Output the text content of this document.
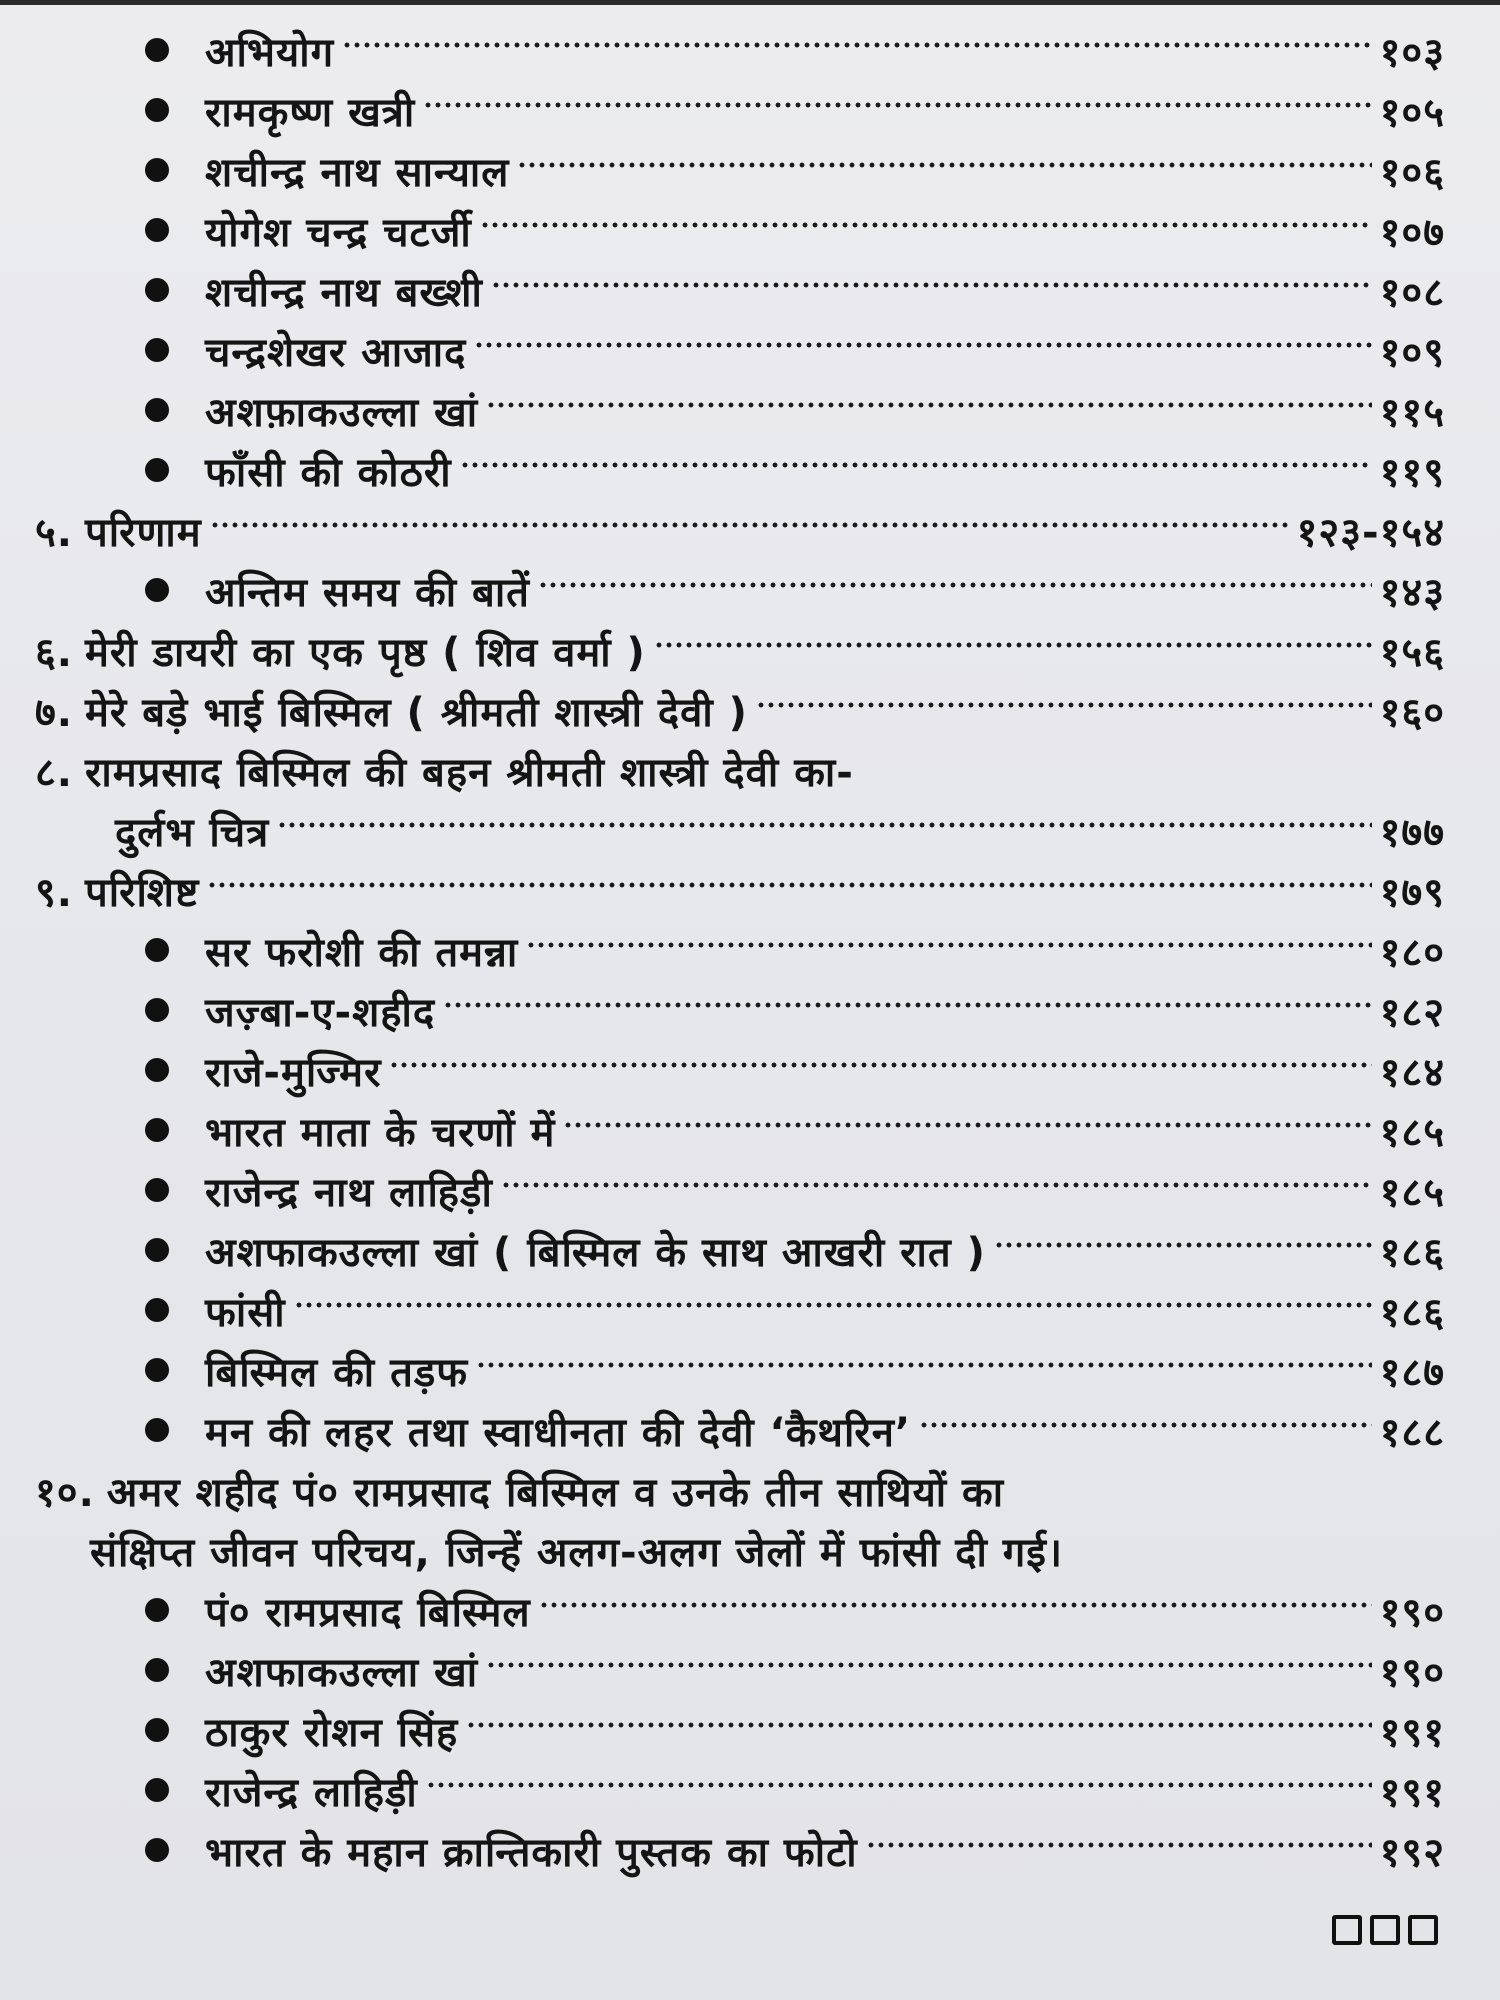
अभियोग	१०३
रामकृष्ण खत्री	१०५
शचीन्द्र नाथ सान्याल	१०६
योगेश चन्द्र चटर्जी	१०७
शचीन्द्र नाथ बख्शी	१०८
चन्द्रशेखर आजाद	१०९
अशफ़ाकउल्ला खां	११५
फाँसी की कोठरी	११९
५. परिणाम	१२३-१५४
अन्तिम समय की बातें	१४३
६. मेरी डायरी का एक पृष्ठ ( शिव वर्मा )	१५६
७. मेरे बड़े भाई बिस्मिल ( श्रीमती शास्त्री देवी )	१६०
८. रामप्रसाद बिस्मिल की बहन श्रीमती शास्त्री देवी का-
दुर्लभ चित्र	१७७
९. परिशिष्ट	१७९
सर फरोशी की तमन्ना	१८०
जज़्बा-ए-शहीद	१८२
राजे-मुज्मिर	१८४
भारत माता के चरणों में	१८५
राजेन्द्र नाथ लाहिड़ी	१८५
अशफाकउल्ला खां ( बिस्मिल के साथ आखरी रात )	१८६
फांसी	१८६
बिस्मिल की तड़फ	१८७
मन की लहर तथा स्वाधीनता की देवी ‘कैथरिन’	१८८
१०. अमर शहीद पं० रामप्रसाद बिस्मिल व उनके तीन साथियों का
संक्षिप्त जीवन परिचय, जिन्हें अलग-अलग जेलों में फांसी दी गई।
पं० रामप्रसाद बिस्मिल	१९०
अशफाकउल्ला खां	१९०
ठाकुर रोशन सिंह	१९१
राजेन्द्र लाहिड़ी	१९१
भारत के महान क्रान्तिकारी पुस्तक का फोटो	१९२
